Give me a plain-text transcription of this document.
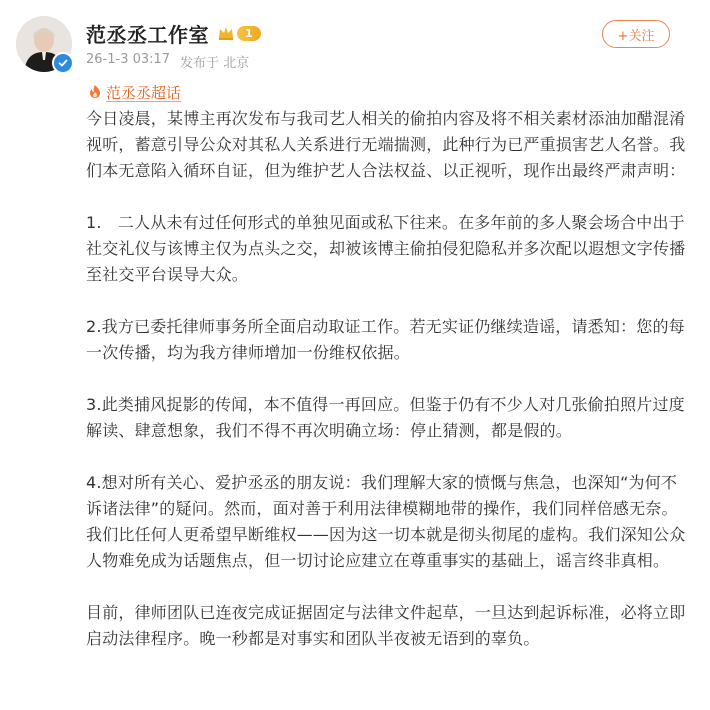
范丞丞工作室	1
26-1-3 03:17 发布于 北京
+关注
范丞丞超话

今日凌晨，某博主再次发布与我司艺人相关的偷拍内容及将不相关素材添油加醋混淆视听，蓄意引导公众对其私人关系进行无端揣测，此种行为已严重损害艺人名誉。我们本无意陷入循环自证，但为维护艺人合法权益、以正视听，现作出最终严肃声明：

1.　二人从未有过任何形式的单独见面或私下往来。在多年前的多人聚会场合中出于社交礼仪与该博主仅为点头之交，却被该博主偷拍侵犯隐私并多次配以遐想文字传播至社交平台误导大众。

2.我方已委托律师事务所全面启动取证工作。若无实证仍继续造谣，请悉知：您的每一次传播，均为我方律师增加一份维权依据。

3.此类捕风捉影的传闻，本不值得一再回应。但鉴于仍有不少人对几张偷拍照片过度解读、肆意想象，我们不得不再次明确立场：停止猜测，都是假的。

4.想对所有关心、爱护丞丞的朋友说：我们理解大家的愤慨与焦急，也深知“为何不诉诸法律”的疑问。然而，面对善于利用法律模糊地带的操作，我们同样倍感无奈。我们比任何人更希望早断维权——因为这一切本就是彻头彻尾的虚构。我们深知公众人物难免成为话题焦点，但一切讨论应建立在尊重事实的基础上，谣言终非真相。

目前，律师团队已连夜完成证据固定与法律文件起草，一旦达到起诉标准，必将立即启动法律程序。晚一秒都是对事实和团队半夜被无语到的辜负。
